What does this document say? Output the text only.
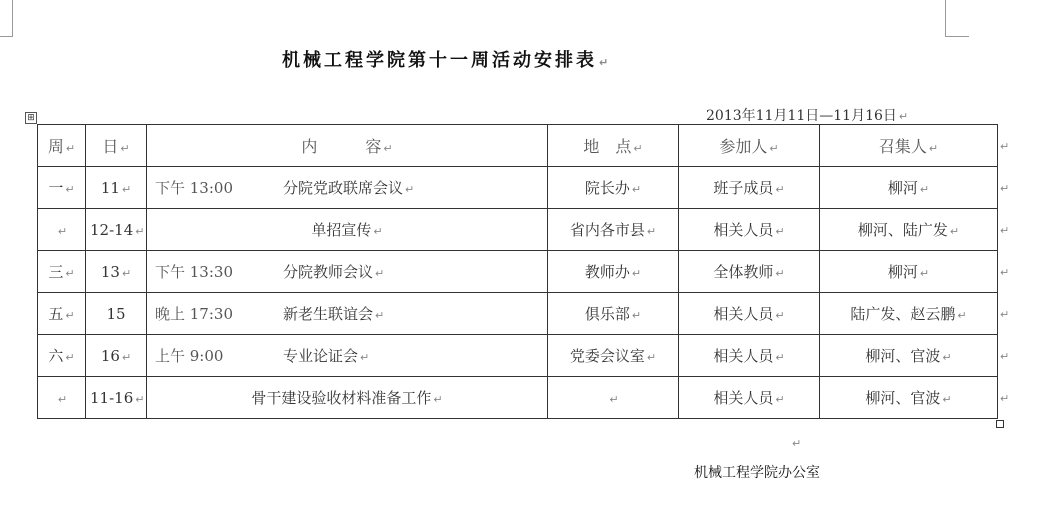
机械工程学院第十一周活动安排表 ↵
2013年11月11日—11月16日 ↵
⊞
周 ↵	日 ↵	内　　　容 ↵	地　点 ↵	参加人 ↵	召集人 ↵
一 ↵	11 ↵	下午 13:00 分院党政联席会议 ↵	院长办 ↵	班子成员 ↵	柳河 ↵
↵	12-14 ↵	单招宣传 ↵	省内各市县 ↵	相关人员 ↵	柳河、陆广发 ↵
三 ↵	13 ↵	下午 13:30 分院教师会议 ↵	教师办 ↵	全体教师 ↵	柳河 ↵
五 ↵	15	晚上 17:30 新老生联谊会 ↵	俱乐部 ↵	相关人员 ↵	陆广发、赵云鹏 ↵
六 ↵	16 ↵	上午 9:00 专业论证会 ↵	党委会议室 ↵	相关人员 ↵	柳河、官波 ↵
↵	11-16 ↵	骨干建设验收材料准备工作 ↵	↵	相关人员 ↵	柳河、官波 ↵
↵
↵
↵
↵
↵
↵
↵
↵
机械工程学院办公室
